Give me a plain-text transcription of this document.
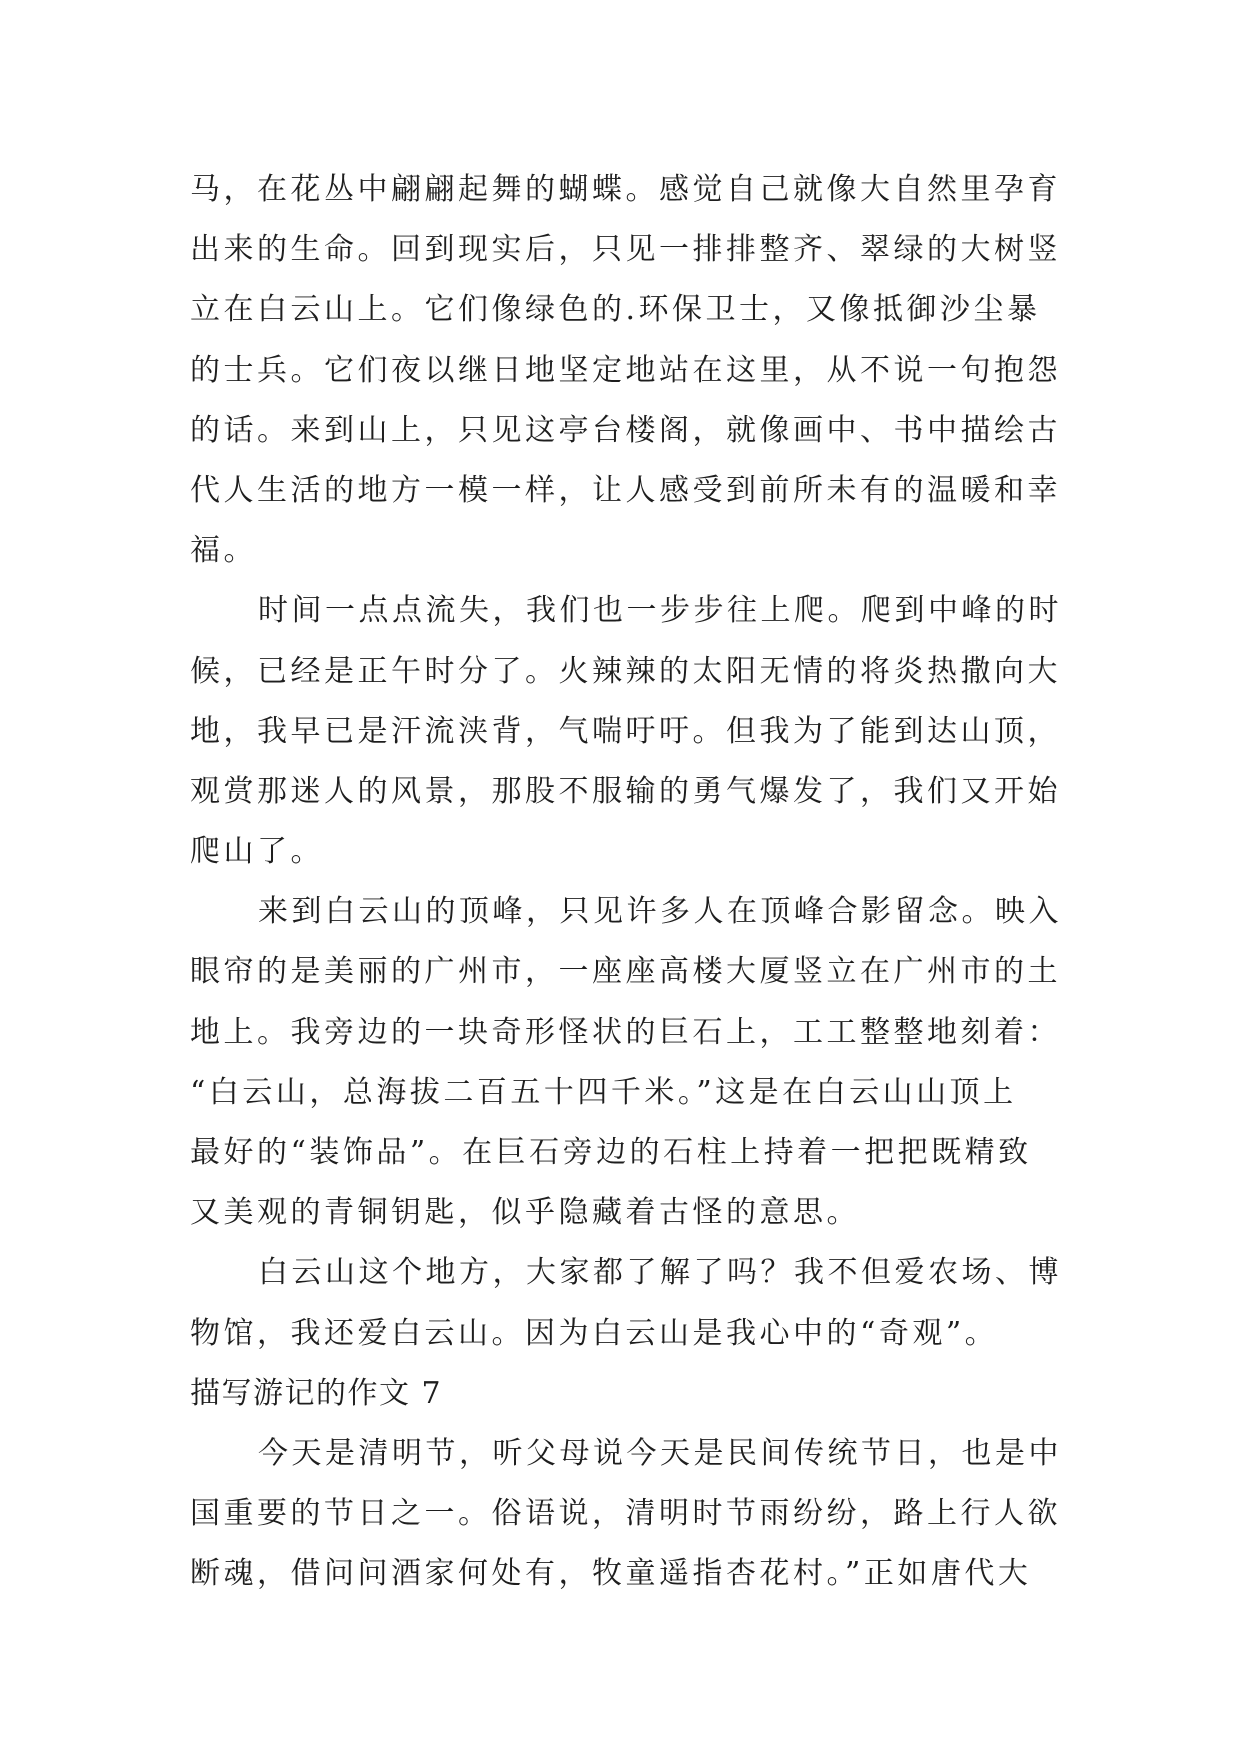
马，在花丛中翩翩起舞的蝴蝶。感觉自己就像大自然里孕育
出来的生命。回到现实后，只见一排排整齐、翠绿的大树竖
立在白云山上。它们像绿色的.环保卫士，又像抵御沙尘暴
的士兵。它们夜以继日地坚定地站在这里，从不说一句抱怨
的话。来到山上，只见这亭台楼阁，就像画中、书中描绘古
代人生活的地方一模一样，让人感受到前所未有的温暖和幸
福。
时间一点点流失，我们也一步步往上爬。爬到中峰的时
候，已经是正午时分了。火辣辣的太阳无情的将炎热撒向大
地，我早已是汗流浃背，气喘吁吁。但我为了能到达山顶，
观赏那迷人的风景，那股不服输的勇气爆发了，我们又开始
爬山了。
来到白云山的顶峰，只见许多人在顶峰合影留念。映入
眼帘的是美丽的广州市，一座座高楼大厦竖立在广州市的土
地上。我旁边的一块奇形怪状的巨石上，工工整整地刻着：
“白云山，总海拔二百五十四千米。”这是在白云山山顶上
最好的“装饰品”。在巨石旁边的石柱上持着一把把既精致
又美观的青铜钥匙，似乎隐藏着古怪的意思。
白云山这个地方，大家都了解了吗？我不但爱农场、博
物馆，我还爱白云山。因为白云山是我心中的“奇观”。
描写游记的作文 7
今天是清明节，听父母说今天是民间传统节日，也是中
国重要的节日之一。俗语说，清明时节雨纷纷，路上行人欲
断魂，借问问酒家何处有，牧童遥指杏花村。”正如唐代大
